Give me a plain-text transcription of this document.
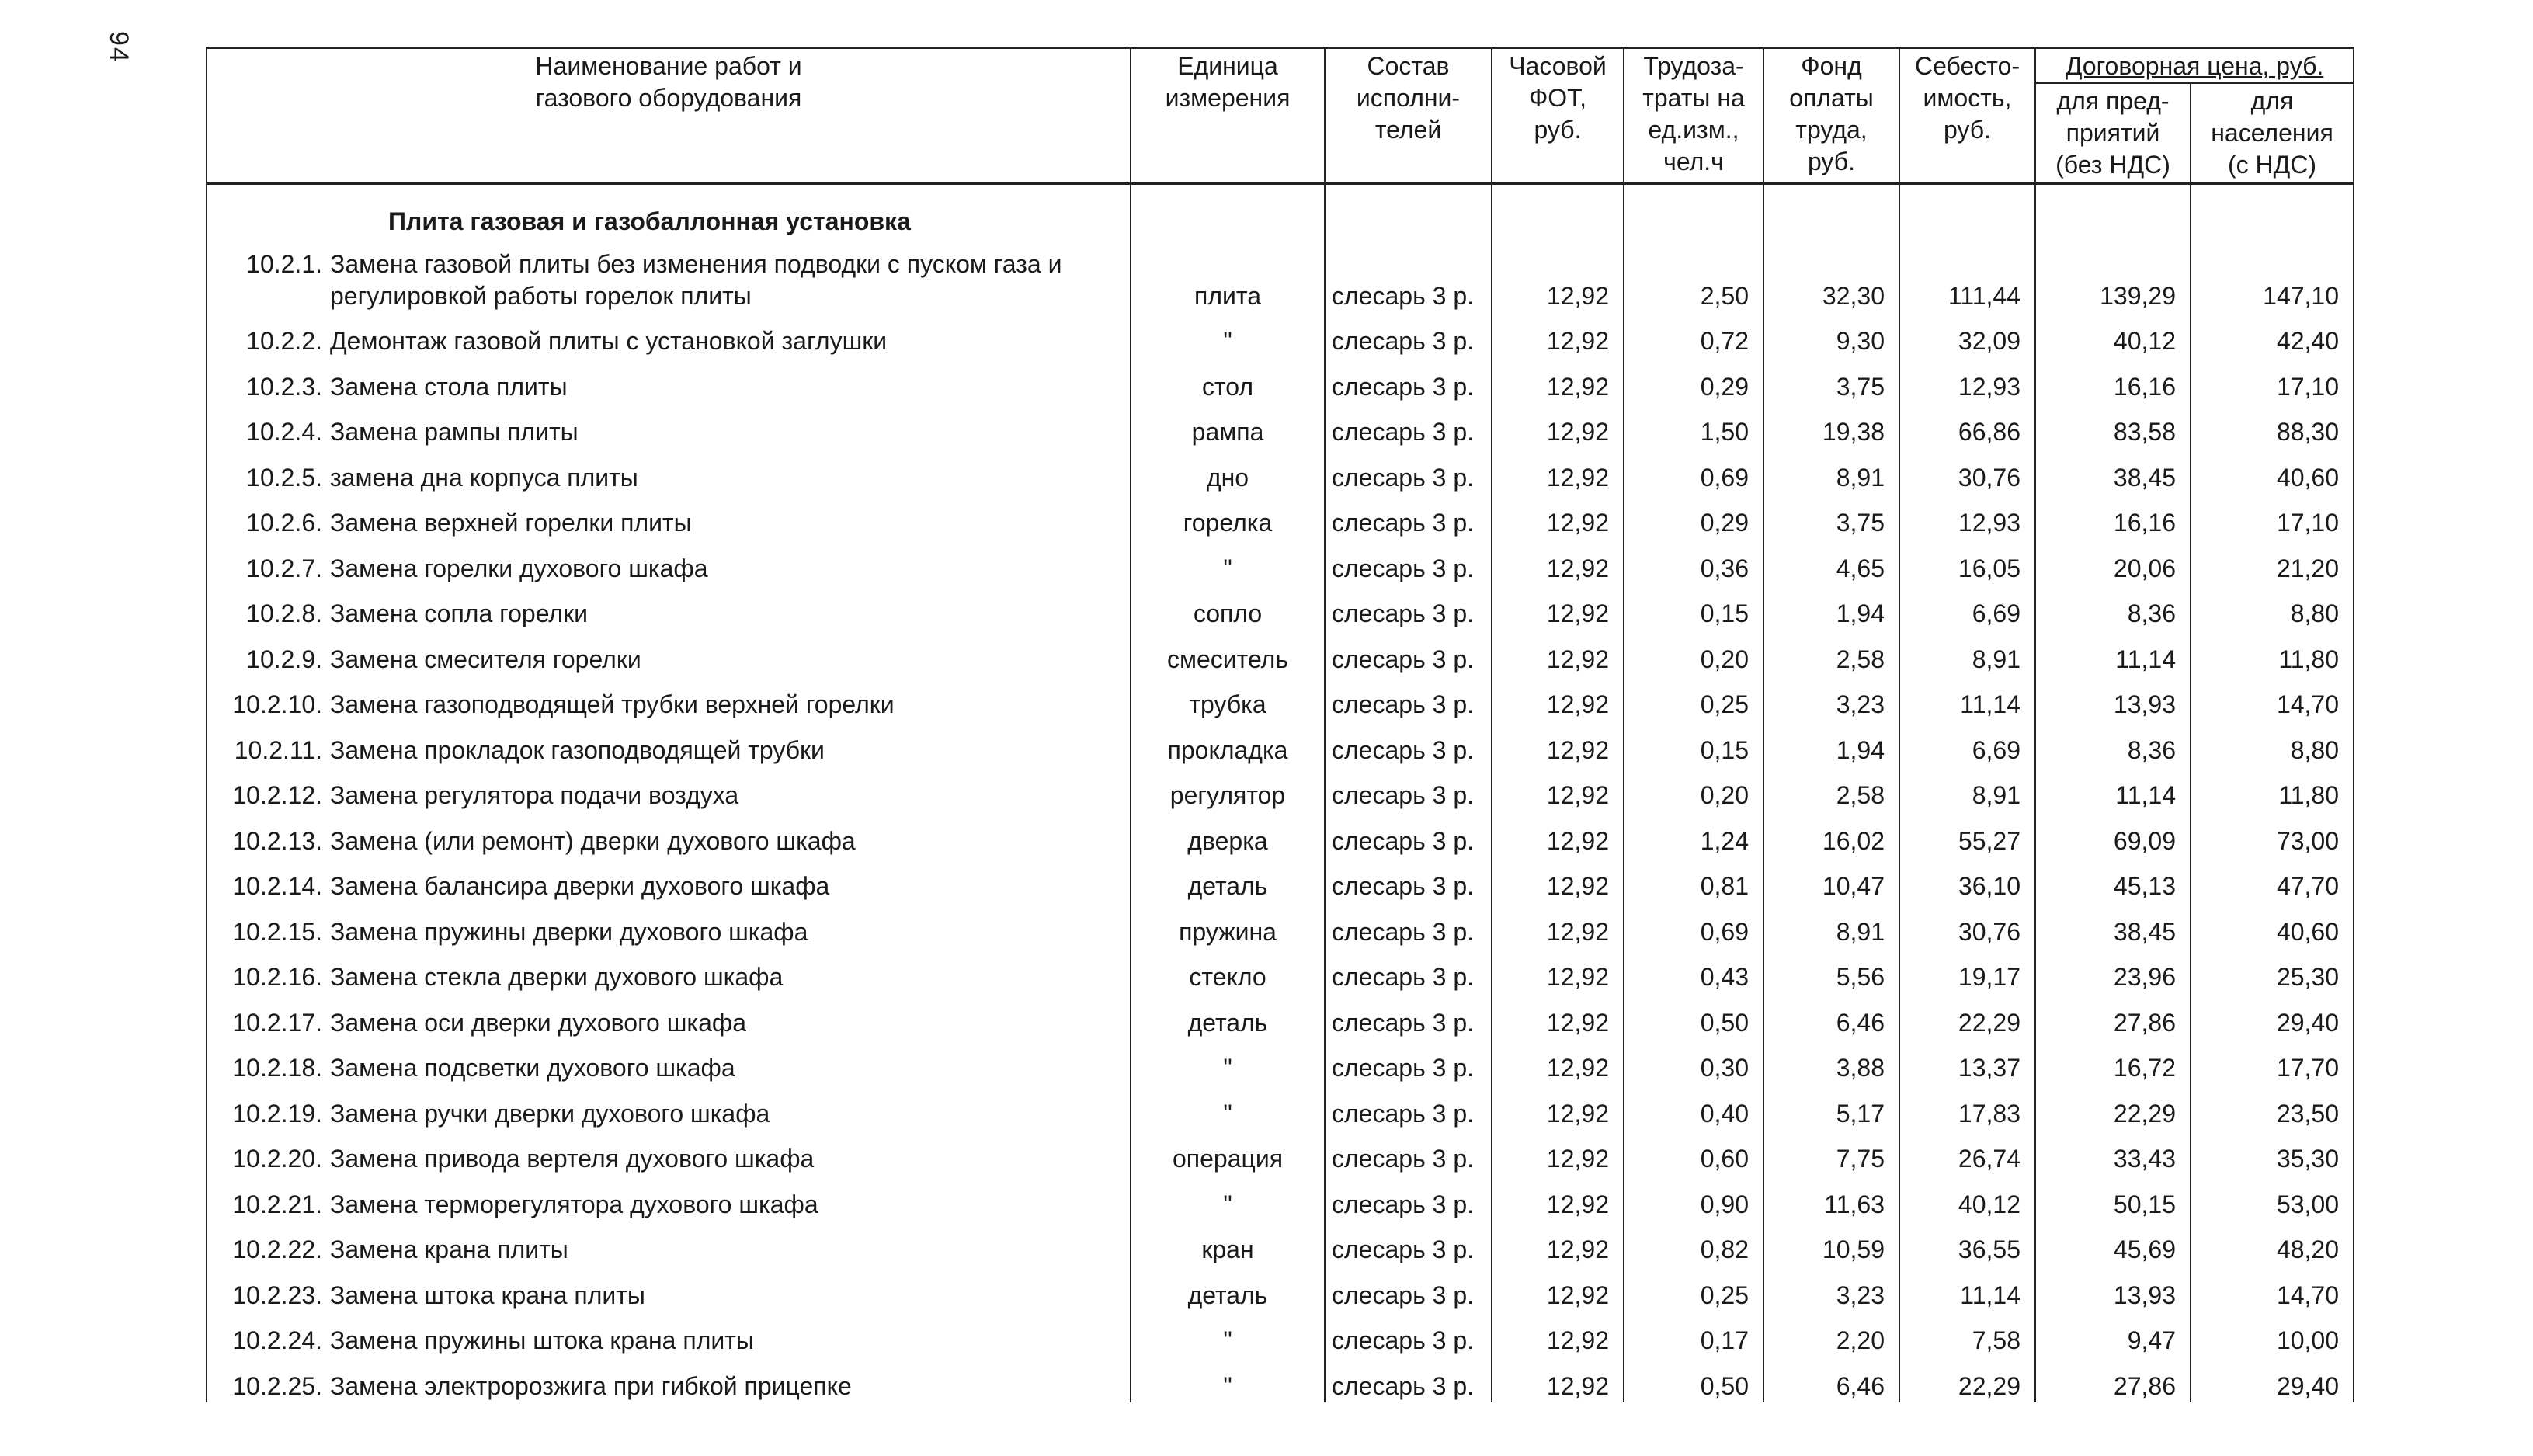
94
Наименование работ и газового оборудования	Единица измерения	Состав исполни-телей	Часовой ФОТ, руб.	Трудоза-траты на ед.изм., чел.ч	Фонд оплаты труда, руб.	Себесто-имость, руб.	Договорная цена, руб.	
							для пред-приятий (без НДС)	для населения (с НДС)
Плита газовая и газобаллонная установка								

10.2.1. Замена газовой плиты без изменения подводки с пуском газа и регулировкой работы горелок плиты	плита	слесарь 3 р.	12,92	2,50	32,30	111,44	139,29	147,10

10.2.2. Демонтаж газовой плиты с установкой заглушки	"	слесарь 3 р.	12,92	0,72	9,30	32,09	40,12	42,40

10.2.3. Замена стола плиты	стол	слесарь 3 р.	12,92	0,29	3,75	12,93	16,16	17,10

10.2.4. Замена рампы плиты	рампа	слесарь 3 р.	12,92	1,50	19,38	66,86	83,58	88,30

10.2.5. замена дна корпуса плиты	дно	слесарь 3 р.	12,92	0,69	8,91	30,76	38,45	40,60

10.2.6. Замена верхней горелки плиты	горелка	слесарь 3 р.	12,92	0,29	3,75	12,93	16,16	17,10

10.2.7. Замена горелки духового шкафа	"	слесарь 3 р.	12,92	0,36	4,65	16,05	20,06	21,20

10.2.8. Замена сопла горелки	сопло	слесарь 3 р.	12,92	0,15	1,94	6,69	8,36	8,80

10.2.9. Замена смесителя горелки	смеситель	слесарь 3 р.	12,92	0,20	2,58	8,91	11,14	11,80

10.2.10. Замена газоподводящей трубки верхней горелки	трубка	слесарь 3 р.	12,92	0,25	3,23	11,14	13,93	14,70

10.2.11. Замена прокладок газоподводящей трубки	прокладка	слесарь 3 р.	12,92	0,15	1,94	6,69	8,36	8,80

10.2.12. Замена регулятора подачи воздуха	регулятор	слесарь 3 р.	12,92	0,20	2,58	8,91	11,14	11,80

10.2.13. Замена (или ремонт) дверки духового шкафа	дверка	слесарь 3 р.	12,92	1,24	16,02	55,27	69,09	73,00

10.2.14. Замена балансира дверки духового шкафа	деталь	слесарь 3 р.	12,92	0,81	10,47	36,10	45,13	47,70

10.2.15. Замена пружины дверки духового шкафа	пружина	слесарь 3 р.	12,92	0,69	8,91	30,76	38,45	40,60

10.2.16. Замена стекла дверки духового шкафа	стекло	слесарь 3 р.	12,92	0,43	5,56	19,17	23,96	25,30

10.2.17. Замена оси дверки духового шкафа	деталь	слесарь 3 р.	12,92	0,50	6,46	22,29	27,86	29,40

10.2.18. Замена подсветки духового шкафа	"	слесарь 3 р.	12,92	0,30	3,88	13,37	16,72	17,70

10.2.19. Замена ручки дверки духового шкафа	"	слесарь 3 р.	12,92	0,40	5,17	17,83	22,29	23,50

10.2.20. Замена привода вертеля духового шкафа	операция	слесарь 3 р.	12,92	0,60	7,75	26,74	33,43	35,30

10.2.21. Замена терморегулятора духового шкафа	"	слесарь 3 р.	12,92	0,90	11,63	40,12	50,15	53,00

10.2.22. Замена крана плиты	кран	слесарь 3 р.	12,92	0,82	10,59	36,55	45,69	48,20

10.2.23. Замена штока крана плиты	деталь	слесарь 3 р.	12,92	0,25	3,23	11,14	13,93	14,70

10.2.24. Замена пружины штока крана плиты	"	слесарь 3 р.	12,92	0,17	2,20	7,58	9,47	10,00

10.2.25. Замена электророзжига при гибкой прицепке	"	слесарь 3 р.	12,92	0,50	6,46	22,29	27,86	29,40
